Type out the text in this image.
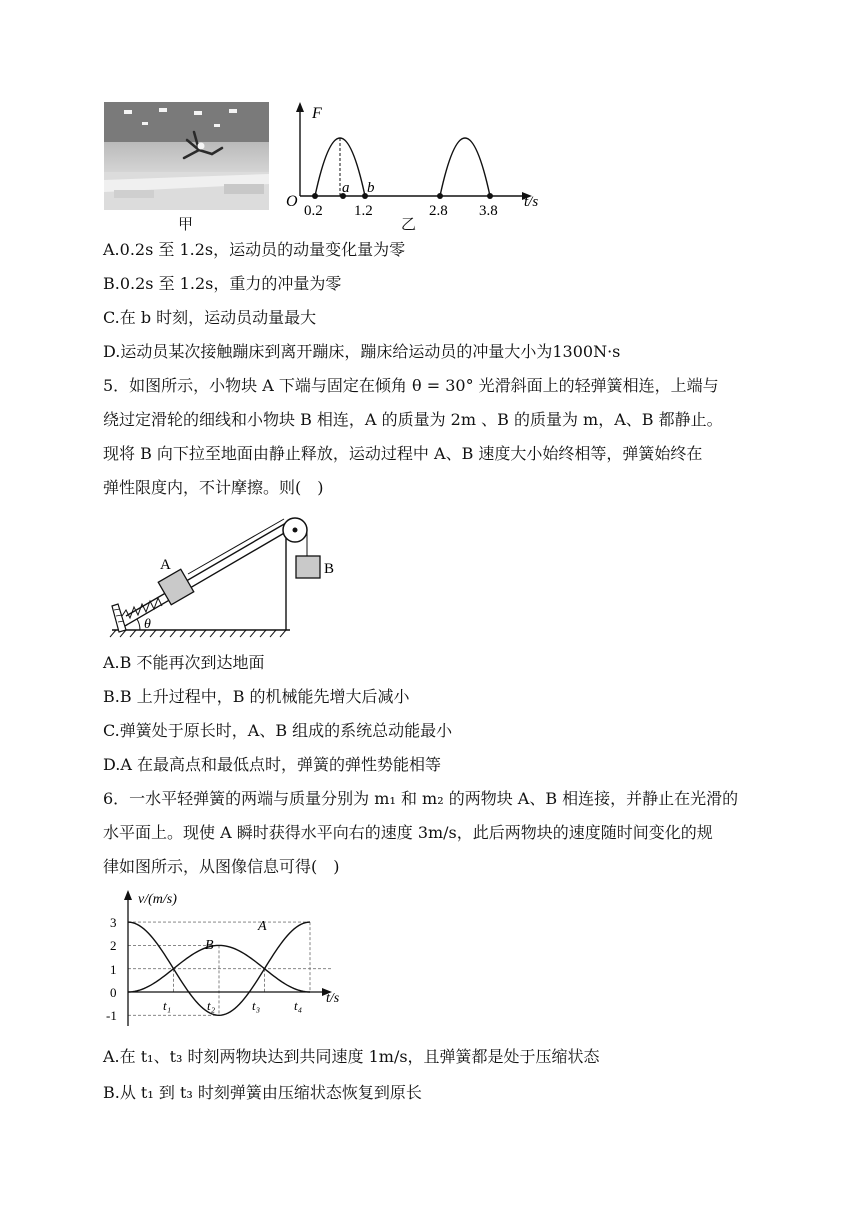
甲
F
O
a b
0.2 1.2	2.8 3.8
t/s
乙
A.0.2s 至 1.2s，运动员的动量变化量为零
B.0.2s 至 1.2s，重力的冲量为零
C.在 b 时刻，运动员动量最大
D.运动员某次接触蹦床到离开蹦床，蹦床给运动员的冲量大小为1300N·s
5．如图所示，小物块 A 下端与固定在倾角 θ = 30° 光滑斜面上的轻弹簧相连，上端与
绕过定滑轮的细线和小物块 B 相连，A 的质量为 2m 、B 的质量为 m，A、B 都静止。
现将 B 向下拉至地面由静止释放，运动过程中 A、B 速度大小始终相等，弹簧始终在
弹性限度内，不计摩擦。则(　)
A	B
θ
A.B 不能再次到达地面
B.B 上升过程中，B 的机械能先增大后减小
C.弹簧处于原长时，A、B 组成的系统总动能最小
D.A 在最高点和最低点时，弹簧的弹性势能相等
6．一水平轻弹簧的两端与质量分别为 m₁ 和 m₂ 的两物块 A、B 相连接，并静止在光滑的
水平面上。现使 A 瞬时获得水平向右的速度 3m/s，此后两物块的速度随时间变化的规
律如图所示，从图像信息可得(　)
v/(m/s)
t/s
3
2
1
0
-1
t₁	t₂	t₃	t₄
A
B
A.在 t₁、t₃ 时刻两物块达到共同速度 1m/s，且弹簧都是处于压缩状态
B.从 t₁ 到 t₃ 时刻弹簧由压缩状态恢复到原长
